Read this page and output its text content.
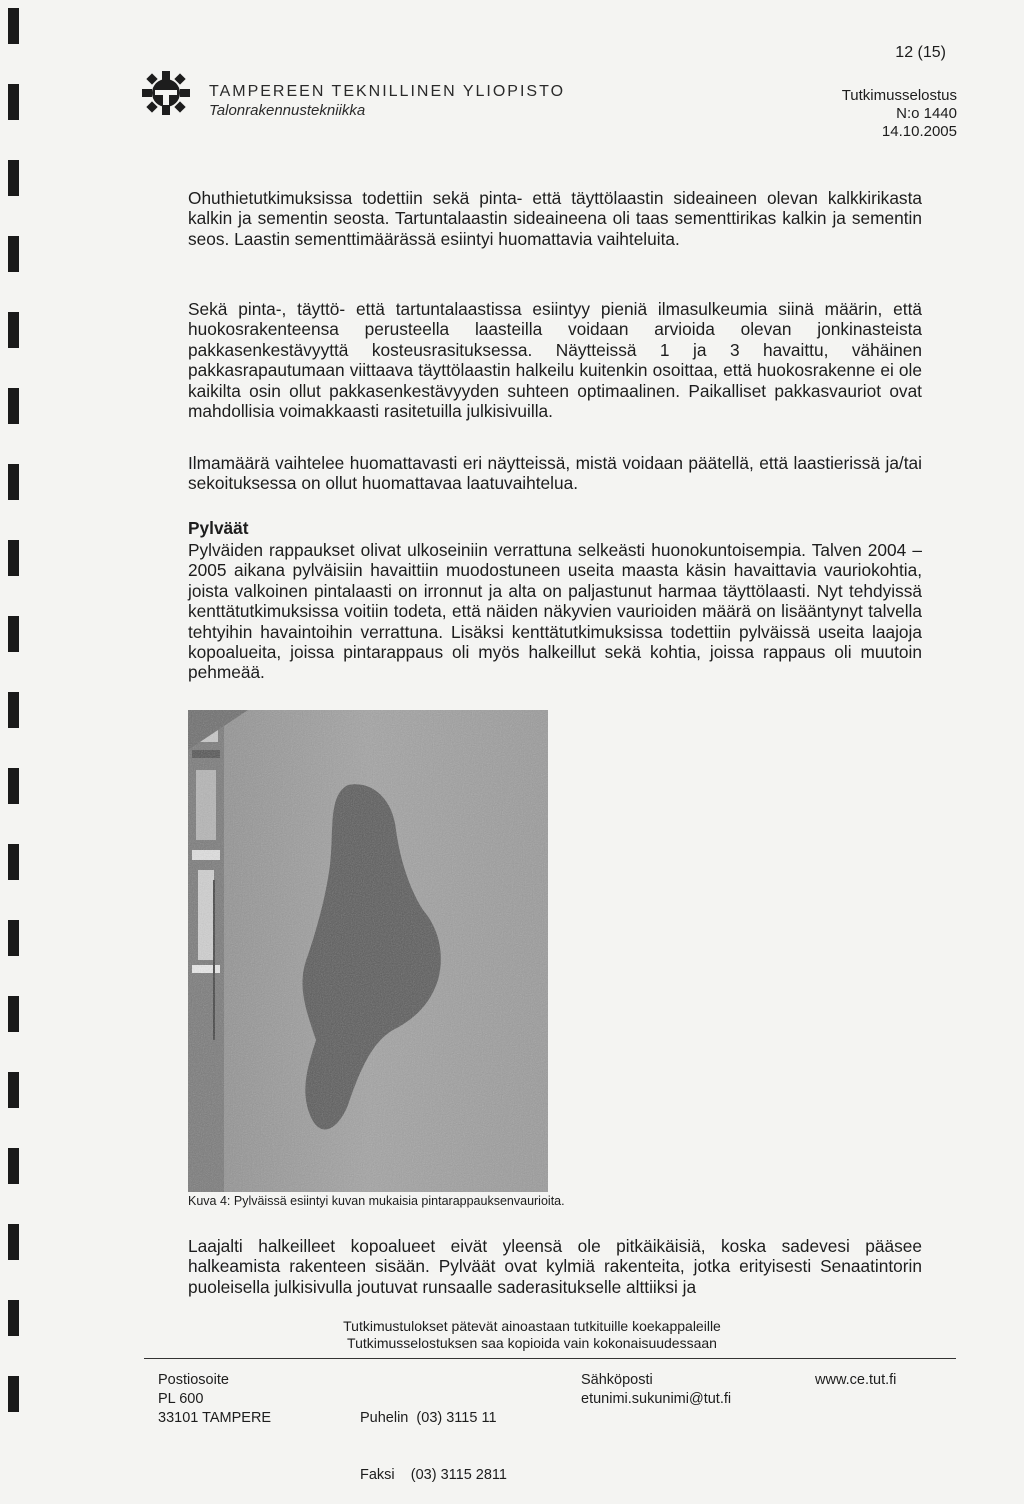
TAMPEREEN TEKNILLINEN YLIOPISTO
Talonrakennustekniikka
12 (15)
Tutkimusselostus
N:o 1440
14.10.2005

Ohuthietutkimuksissa todettiin sekä pinta- että täyttölaastin sideaineen olevan kalkkirikasta kalkin ja sementin seosta. Tartuntalaastin sideaineena oli taas sementtirikas kalkin ja sementin seos. Laastin sementtimäärässä esiintyi huomattavia vaihteluita.

Sekä pinta-, täyttö- että tartuntalaastissa esiintyy pieniä ilmasulkeumia siinä määrin, että huokosrakenteensa perusteella laasteilla voidaan arvioida olevan jonkinasteista pakkasenkestävyyttä kosteusrasituksessa. Näytteissä 1 ja 3 havaittu, vähäinen pakkasrapautumaan viittaava täyttölaastin halkeilu kuitenkin osoittaa, että huokosrakenne ei ole kaikilta osin ollut pakkasenkestävyyden suhteen optimaalinen. Paikalliset pakkasvauriot ovat mahdollisia voimakkaasti rasitetuilla julkisivuilla.

Ilmamäärä vaihtelee huomattavasti eri näytteissä, mistä voidaan päätellä, että laastierissä ja/tai sekoituksessa on ollut huomattavaa laatuvaihtelua.

Pylväät

Pylväiden rappaukset olivat ulkoseiniin verrattuna selkeästi huonokuntoisempia. Talven 2004 – 2005 aikana pylväisiin havaittiin muodostuneen useita maasta käsin havaittavia vauriokohtia, joista valkoinen pintalaasti on irronnut ja alta on paljastunut harmaa täyttölaasti. Nyt tehdyissä kenttätutkimuksissa voitiin todeta, että näiden näkyvien vaurioiden määrä on lisääntynyt talvella tehtyihin havaintoihin verrattuna. Lisäksi kenttätutkimuksissa todettiin pylväissä useita laajoja kopoalueita, joissa pintarappaus oli myös halkeillut sekä kohtia, joissa rappaus oli muutoin pehmeää.

Kuva 4: Pylväissä esiintyi kuvan mukaisia pintarappauksenvaurioita.

Laajalti halkeilleet kopoalueet eivät yleensä ole pitkäikäisiä, koska sadevesi pääsee halkeamista rakenteen sisään. Pylväät ovat kylmiä rakenteita, jotka erityisesti Senaatintorin puoleisella julkisivulla joutuvat runsaalle saderasitukselle alttiiksi ja

Tutkimustulokset pätevät ainoastaan tutkituille koekappaleille
Tutkimusselostuksen saa kopioida vain kokonaisuudessaan
Postiosoite
PL 600
33101 TAMPERE

	Puhelin  (03) 3115 11

Faksi    (03) 3115 2811

Sähköposti
etunimi.sukunimi@tut.fi
www.ce.tut.fi
